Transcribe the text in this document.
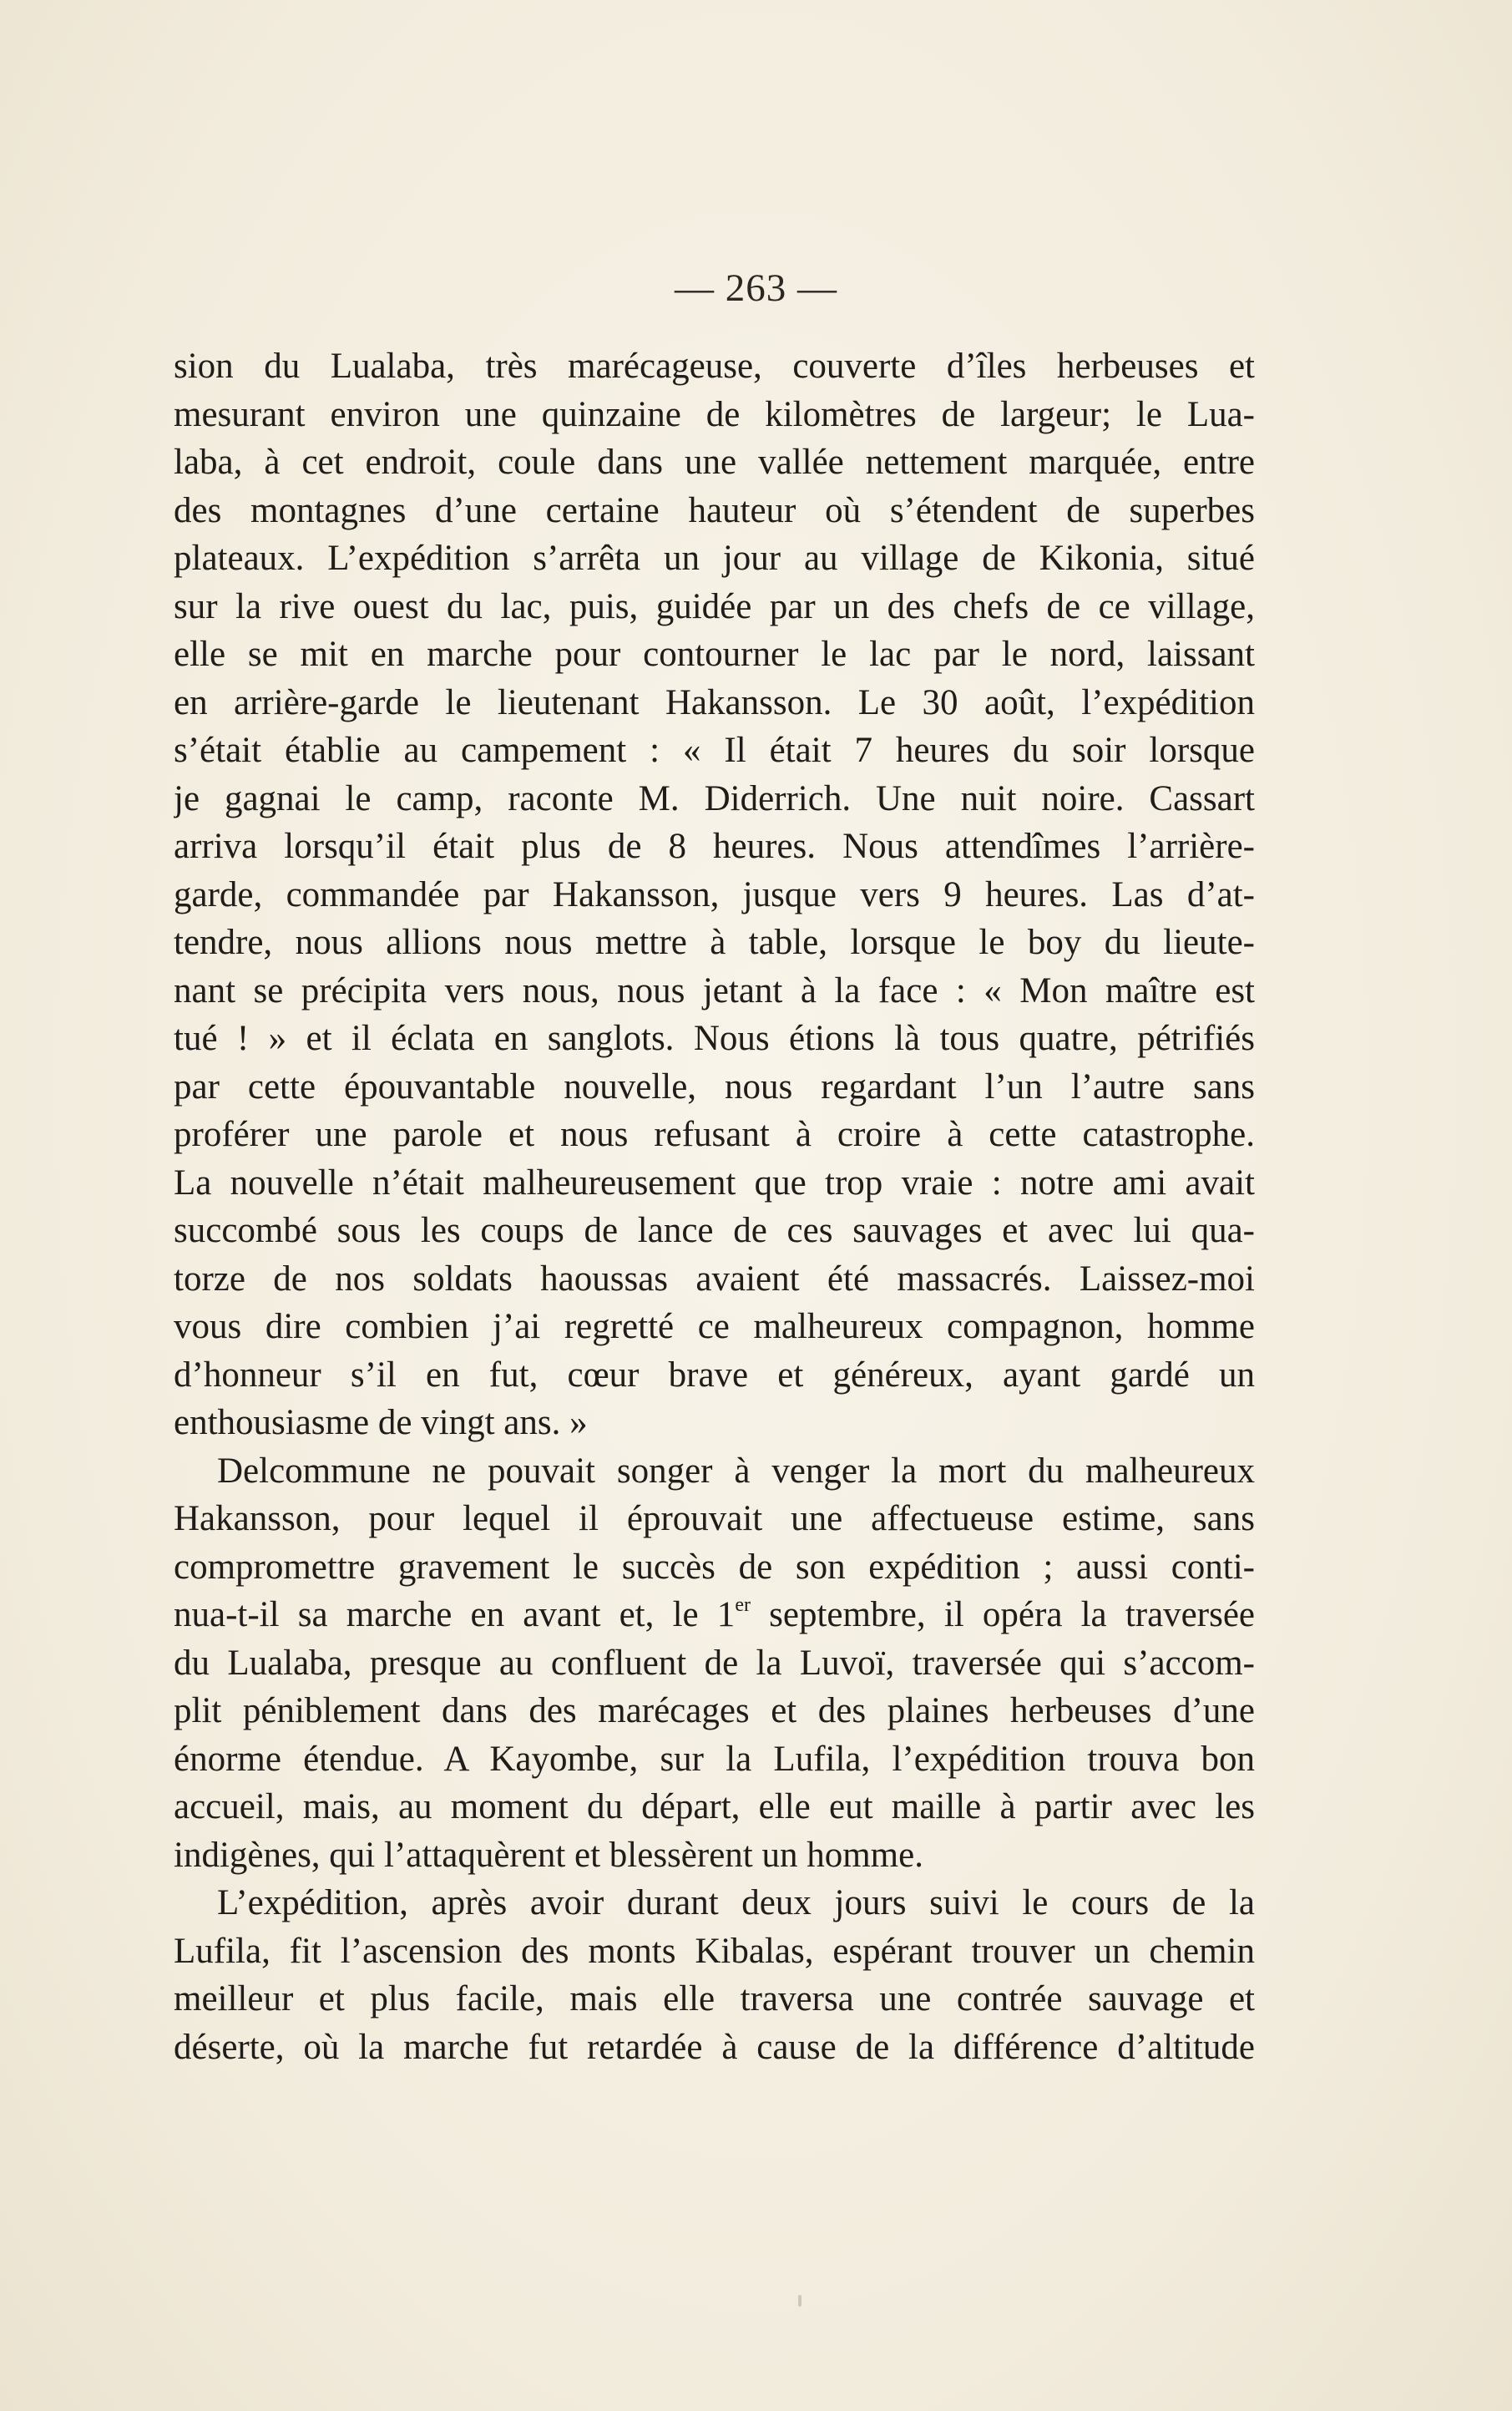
— 263 —
sion du Lualaba, très marécageuse, couverte d’îles herbeuses et
mesurant environ une quinzaine de kilomètres de largeur; le Lua-
laba, à cet endroit, coule dans une vallée nettement marquée, entre
des montagnes d’une certaine hauteur où s’étendent de superbes
plateaux. L’expédition s’arrêta un jour au village de Kikonia, situé
sur la rive ouest du lac, puis, guidée par un des chefs de ce village,
elle se mit en marche pour contourner le lac par le nord, laissant
en arrière-garde le lieutenant Hakansson. Le 30 août, l’expédition
s’était établie au campement : « Il était 7 heures du soir lorsque
je gagnai le camp, raconte M. Diderrich. Une nuit noire. Cassart
arriva lorsqu’il était plus de 8 heures. Nous attendîmes l’arrière-
garde, commandée par Hakansson, jusque vers 9 heures. Las d’at-
tendre, nous allions nous mettre à table, lorsque le boy du lieute-
nant se précipita vers nous, nous jetant à la face : « Mon maître est
tué ! » et il éclata en sanglots. Nous étions là tous quatre, pétrifiés
par cette épouvantable nouvelle, nous regardant l’un l’autre sans
proférer une parole et nous refusant à croire à cette catastrophe.
La nouvelle n’était malheureusement que trop vraie : notre ami avait
succombé sous les coups de lance de ces sauvages et avec lui qua-
torze de nos soldats haoussas avaient été massacrés. Laissez-moi
vous dire combien j’ai regretté ce malheureux compagnon, homme
d’honneur s’il en fut, cœur brave et généreux, ayant gardé un
enthousiasme de vingt ans. »
Delcommune ne pouvait songer à venger la mort du malheureux
Hakansson, pour lequel il éprouvait une affectueuse estime, sans
compromettre gravement le succès de son expédition ; aussi conti-
nua-t-il sa marche en avant et, le 1er septembre, il opéra la traversée
du Lualaba, presque au confluent de la Luvoï, traversée qui s’accom-
plit péniblement dans des marécages et des plaines herbeuses d’une
énorme étendue. A Kayombe, sur la Lufila, l’expédition trouva bon
accueil, mais, au moment du départ, elle eut maille à partir avec les
indigènes, qui l’attaquèrent et blessèrent un homme.
L’expédition, après avoir durant deux jours suivi le cours de la
Lufila, fit l’ascension des monts Kibalas, espérant trouver un chemin
meilleur et plus facile, mais elle traversa une contrée sauvage et
déserte, où la marche fut retardée à cause de la différence d’altitude
